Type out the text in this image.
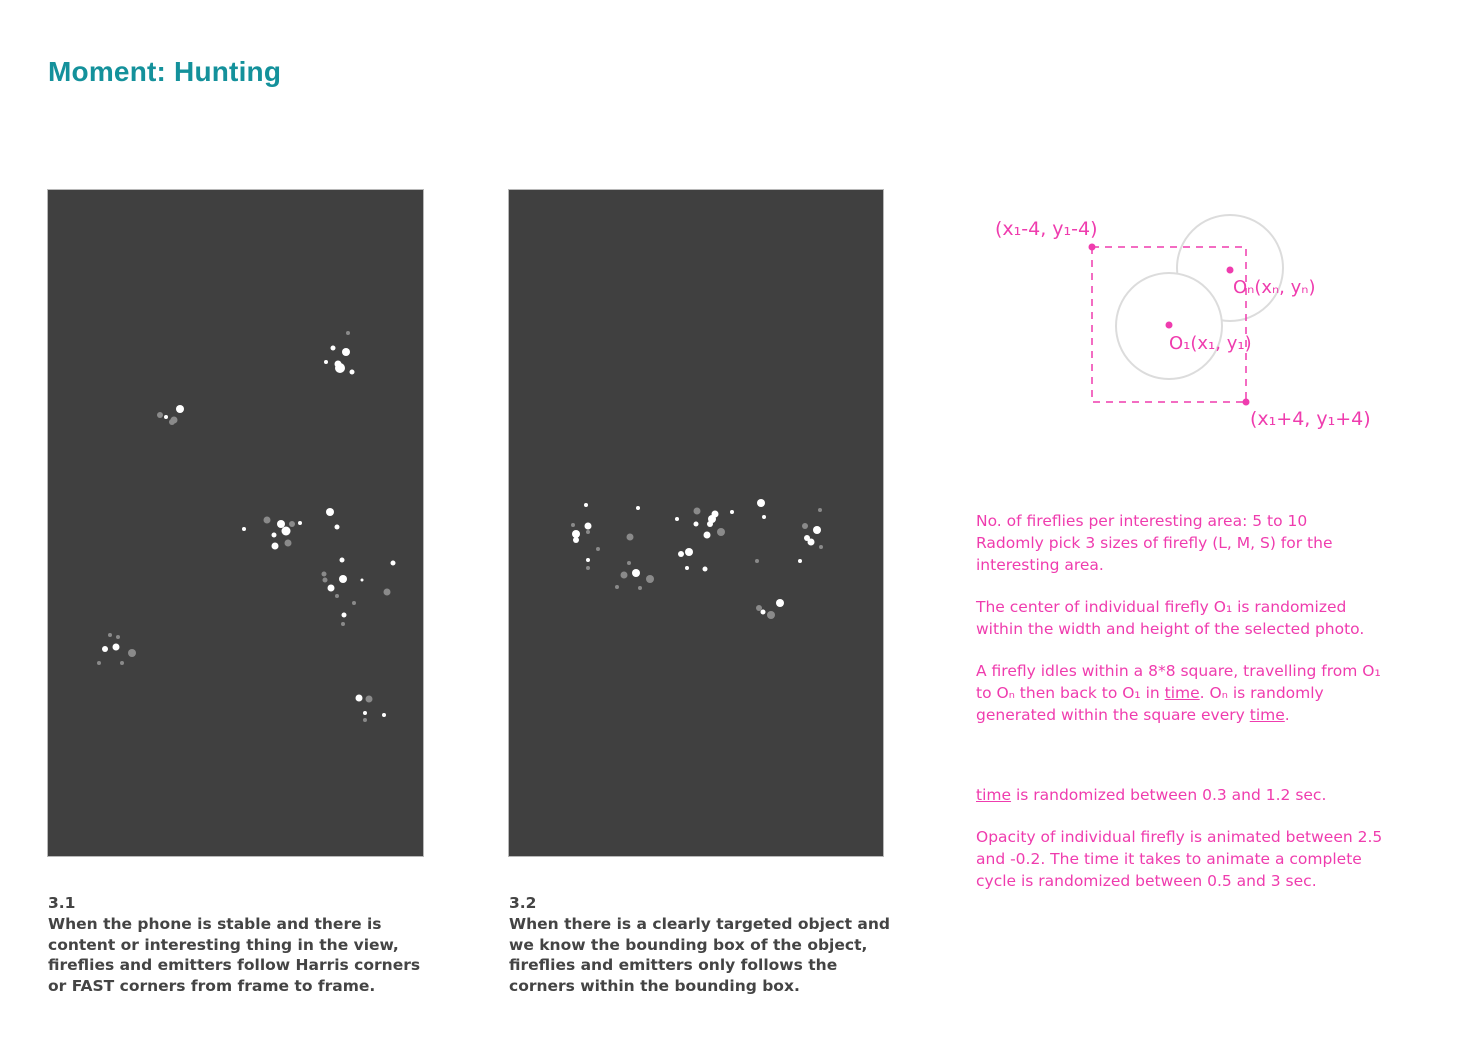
Moment: Hunting
3.1
When the phone is stable and there is content or interesting thing in the view, fireflies and emitters follow Harris corners or FAST corners from frame to frame.
3.2
When there is a clearly targeted object and we know the bounding box of the object, fireflies and emitters only follows the corners within the bounding box.
(x₁-4, y₁-4)
(x₁+4, y₁+4)
O₁(x₁, y₁)
Oₙ(xₙ, yₙ)

No. of fireflies per interesting area: 5 to 10
Radomly pick 3 sizes of firefly (L, M, S) for the interesting area.

The center of individual firefly O₁ is randomized within the width and height of the selected photo.

A firefly idles within a 8*8 square, travelling from O₁ to Oₙ then back to O₁ in time. Oₙ is randomly generated within the square every time.

time is randomized between 0.3 and 1.2 sec.

Opacity of individual firefly is animated between 2.5 and -0.2. The time it takes to animate a complete cycle is randomized between 0.5 and 3 sec.
